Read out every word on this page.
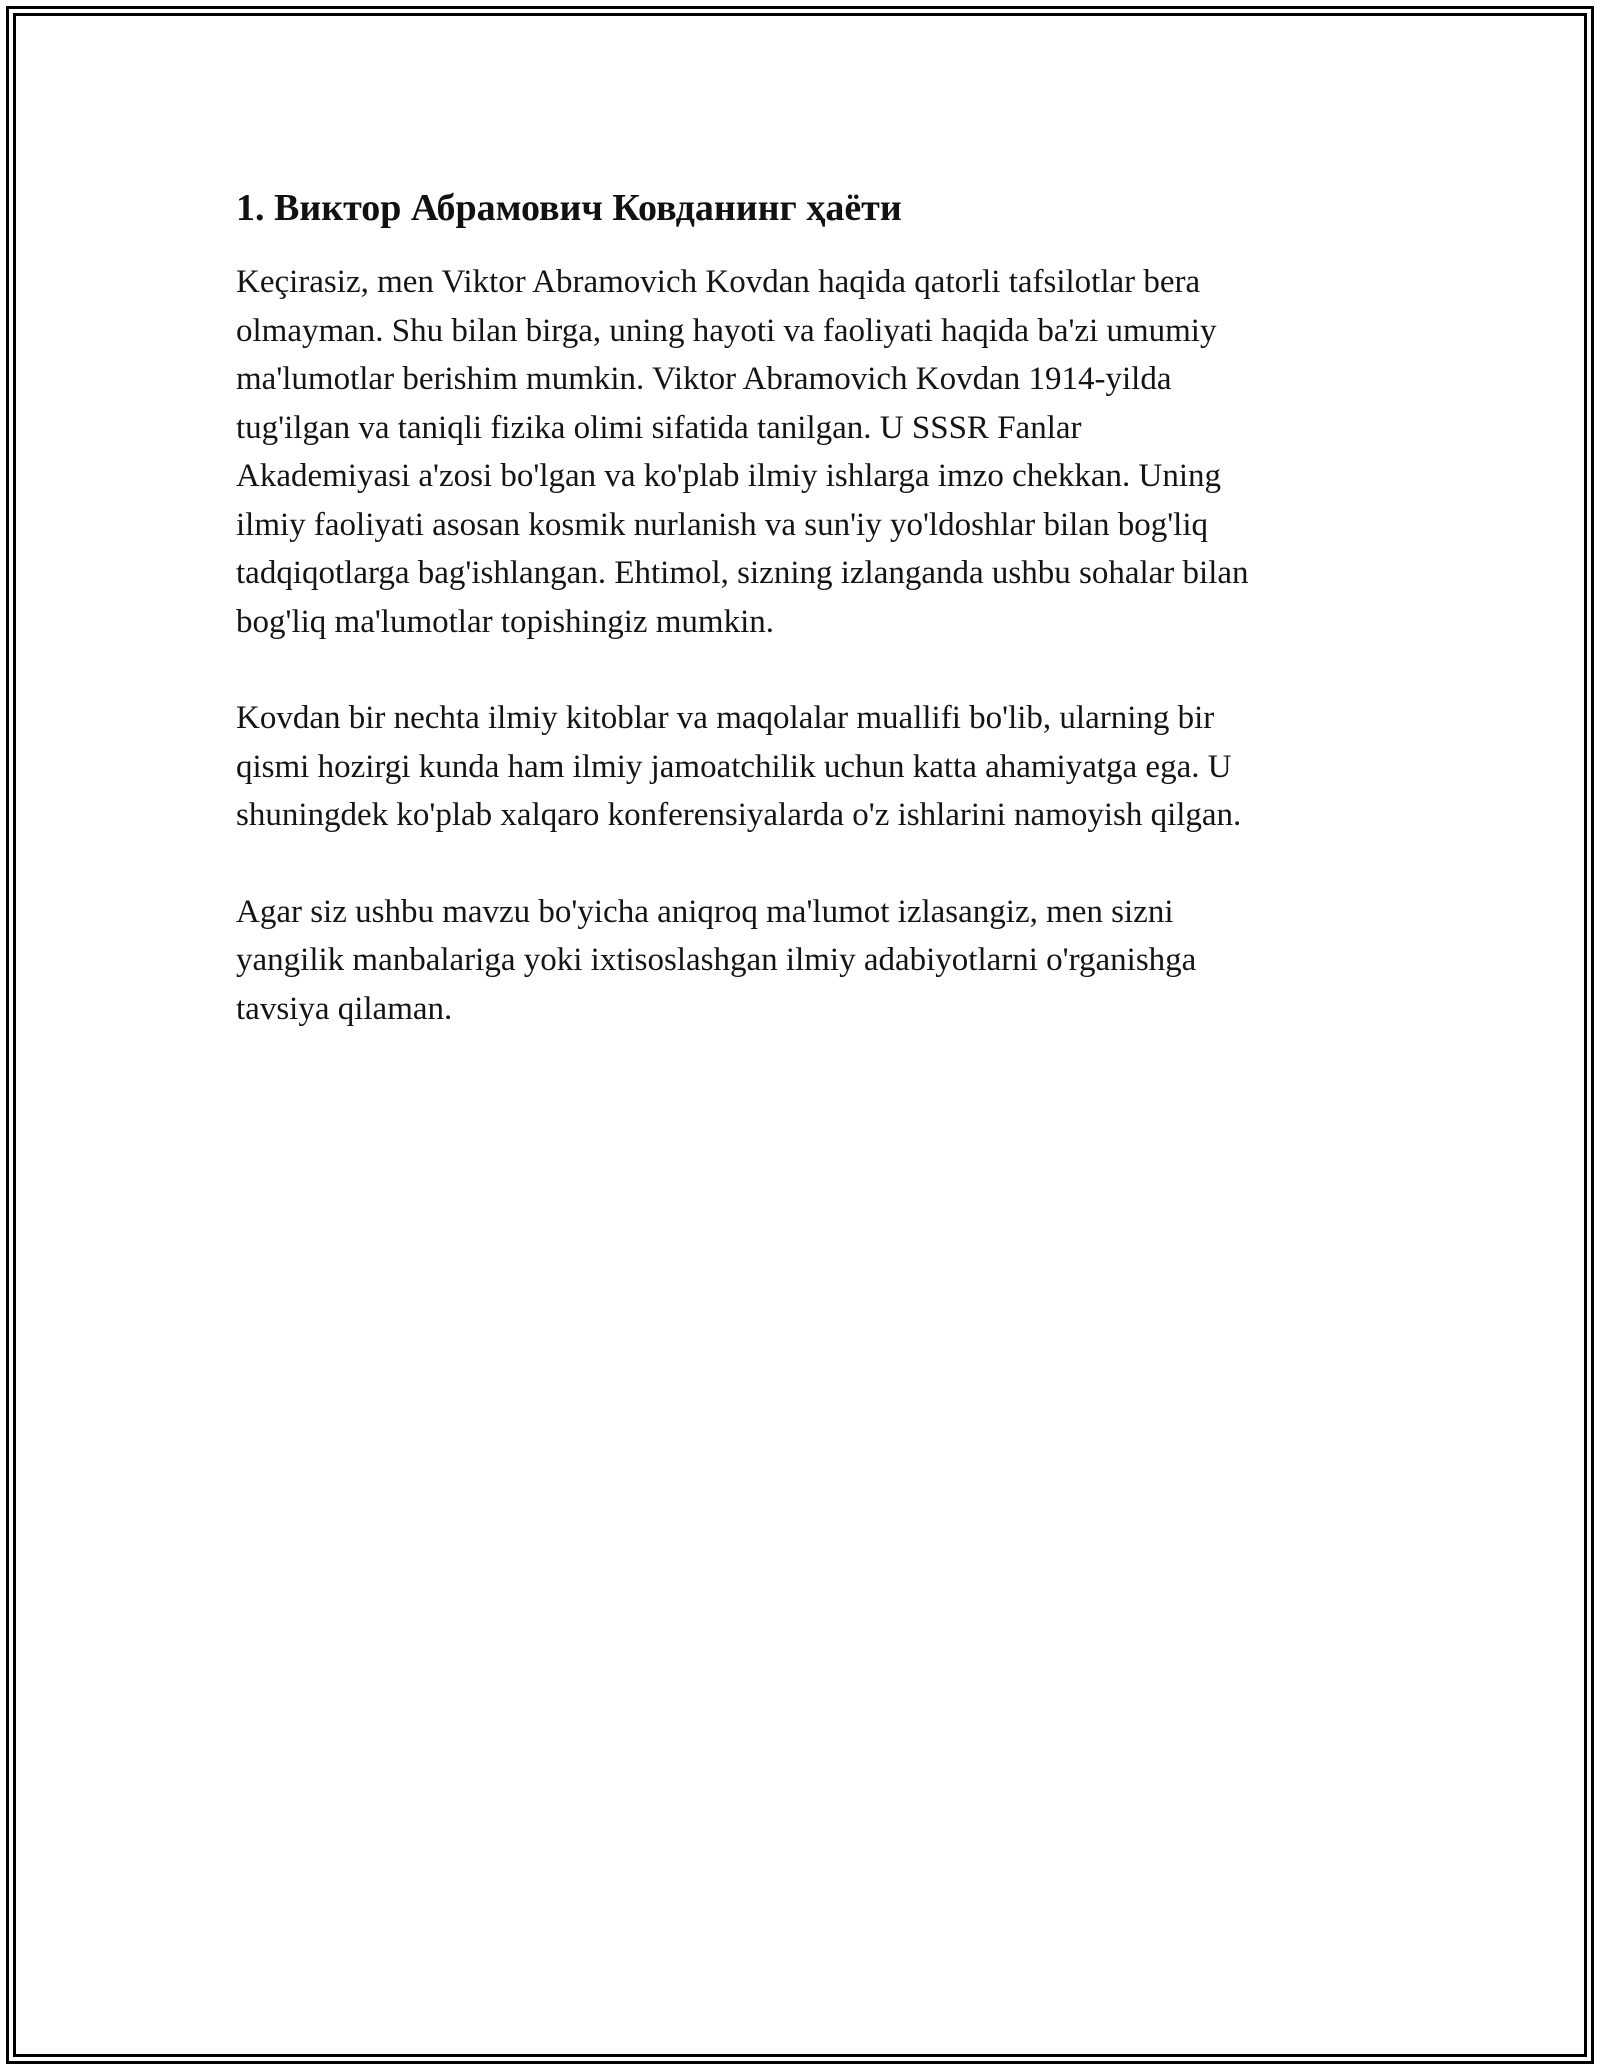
1. Виктор Абрамович Ковданинг ҳаёти

Keçirasiz, men Viktor Abramovich Kovdan haqida qatorli tafsilotlar bera
olmayman. Shu bilan birga, uning hayoti va faoliyati haqida ba'zi umumiy
ma'lumotlar berishim mumkin. Viktor Abramovich Kovdan 1914-yilda
tug'ilgan va taniqli fizika olimi sifatida tanilgan. U SSSR Fanlar
Akademiyasi a'zosi bo'lgan va ko'plab ilmiy ishlarga imzo chekkan. Uning
ilmiy faoliyati asosan kosmik nurlanish va sun'iy yo'ldoshlar bilan bog'liq
tadqiqotlarga bag'ishlangan. Ehtimol, sizning izlanganda ushbu sohalar bilan
bog'liq ma'lumotlar topishingiz mumkin.

Kovdan bir nechta ilmiy kitoblar va maqolalar muallifi bo'lib, ularning bir
qismi hozirgi kunda ham ilmiy jamoatchilik uchun katta ahamiyatga ega. U
shuningdek ko'plab xalqaro konferensiyalarda o'z ishlarini namoyish qilgan.

Agar siz ushbu mavzu bo'yicha aniqroq ma'lumot izlasangiz, men sizni
yangilik manbalariga yoki ixtisoslashgan ilmiy adabiyotlarni o'rganishga
tavsiya qilaman.
